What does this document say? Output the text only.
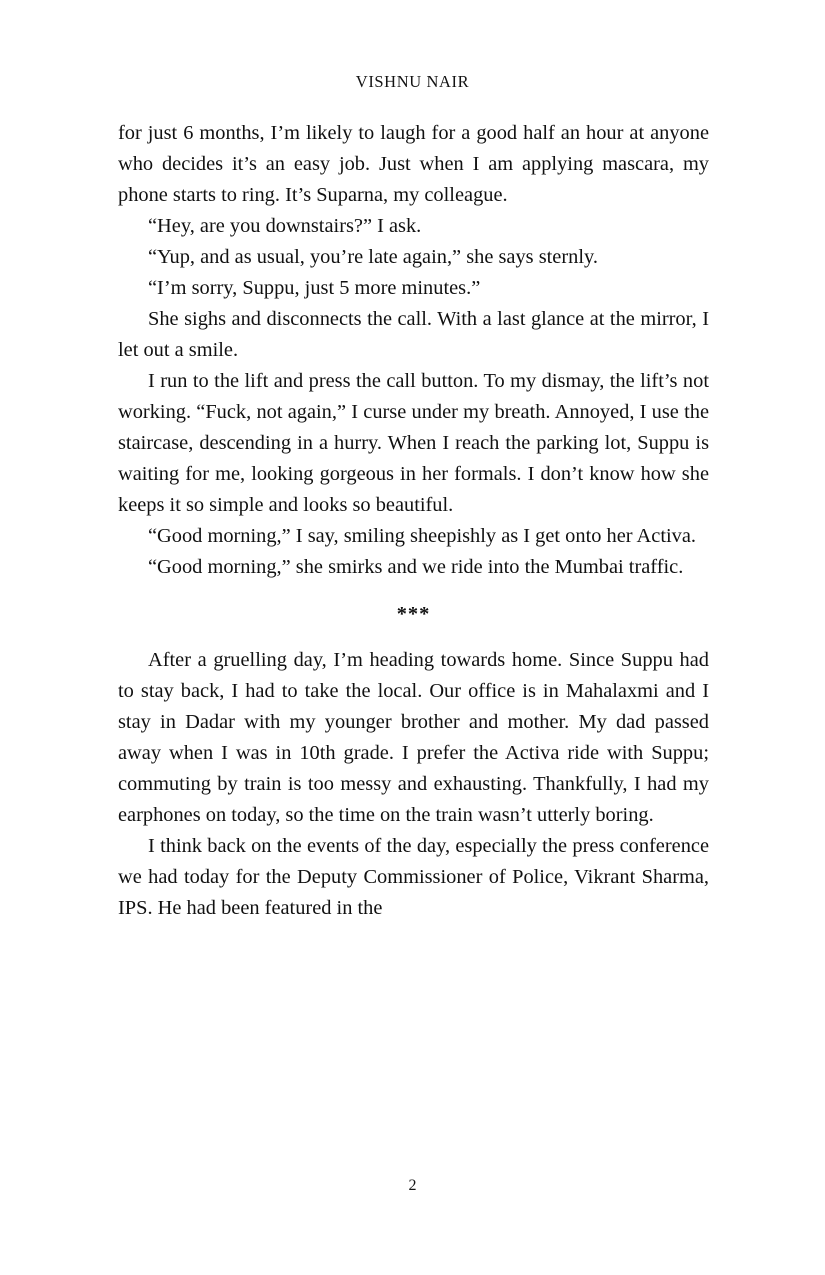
VISHNU NAIR

for just 6 months, I’m likely to laugh for a good half an hour at anyone who decides it’s an easy job. Just when I am applying mascara, my phone starts to ring. It’s Suparna, my colleague.

“Hey, are you downstairs?” I ask.

“Yup, and as usual, you’re late again,” she says sternly.

“I’m sorry, Suppu, just 5 more minutes.”

She sighs and disconnects the call. With a last glance at the mirror, I let out a smile.

I run to the lift and press the call button. To my dismay, the lift’s not working. “Fuck, not again,” I curse under my breath. Annoyed, I use the staircase, descending in a hurry. When I reach the parking lot, Suppu is waiting for me, looking gorgeous in her formals. I don’t know how she keeps it so simple and looks so beautiful.

“Good morning,” I say, smiling sheepishly as I get onto her Activa.

“Good morning,” she smirks and we ride into the Mumbai traffic.

***

After a gruelling day, I’m heading towards home. Since Suppu had to stay back, I had to take the local. Our office is in Mahalaxmi and I stay in Dadar with my younger brother and mother. My dad passed away when I was in 10th grade. I prefer the Activa ride with Suppu; commuting by train is too messy and exhausting. Thankfully, I had my earphones on today, so the time on the train wasn’t utterly boring.

I think back on the events of the day, especially the press conference we had today for the Deputy Commissioner of Police, Vikrant Sharma, IPS. He had been featured in the

2
